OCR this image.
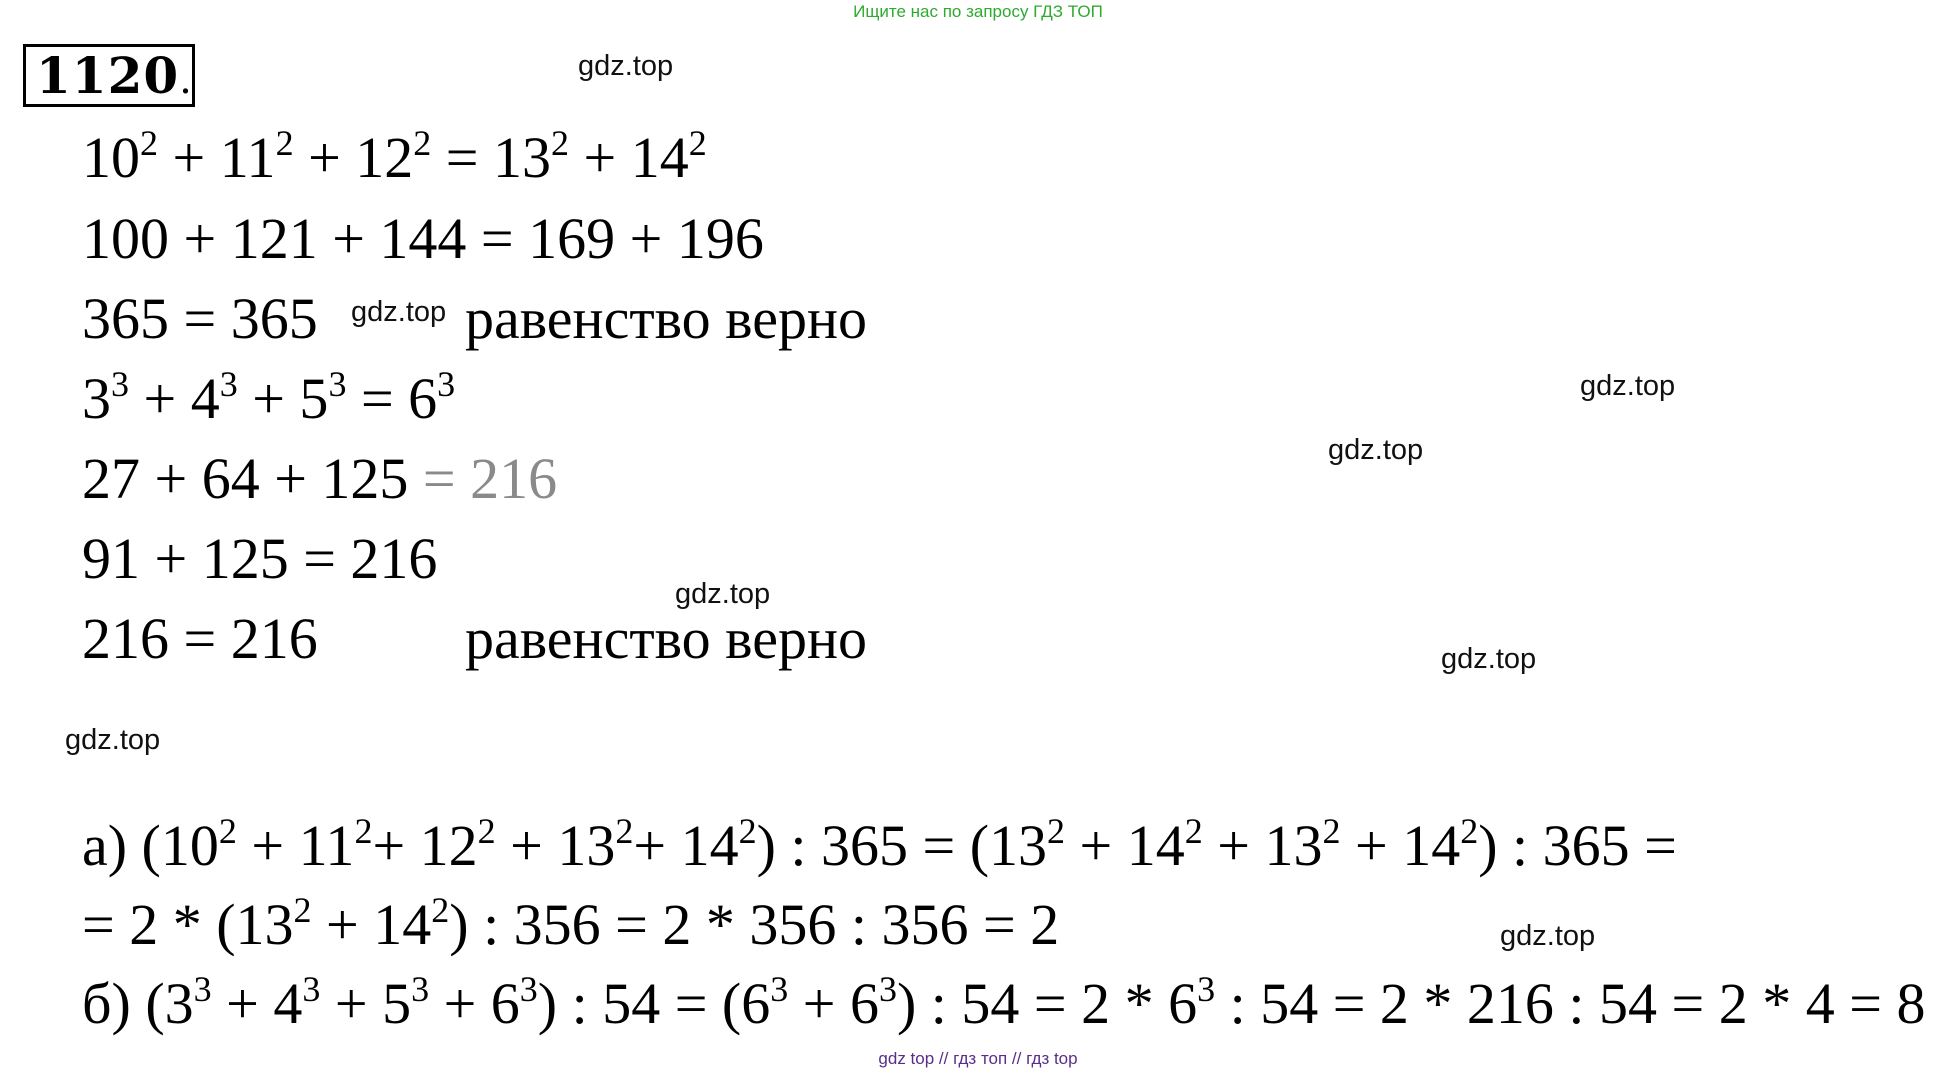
Ищите нас по запросу ГДЗ ТОП
1120.
$10^2 + 11^2 + 12^2 = 13^2 + 14^2$
100 + 121 + 144 = 169 + 196
365 = 365	равенство верно
$3^3 + 4^3 + 5^3 = 6^3$
27 + 64 + 125 = 216
91 + 125 = 216
216 = 216	равенство верно
а) $(10^2 + 11^2+ 12^2 + 13^2+ 14^2)$ : $365 = (13^2 + 14^2 + 13^2 + 14^2)$ : 365 =
= $2 * (13^2 + 14^2)$ : 356 = 2 * 356 : 356 = 2
б) $(3^3 + 4^3 + 5^3 + 6^3)$ : $54 = (6^3 + 6^3)$ : $54 = 2 * 6^3$ : 54 = 2 * 216 : 54 = 2 * 4 = 8
gdz.top
gdz.top
gdz.top
gdz.top
gdz.top
gdz.top
gdz.top
gdz.top
gdz top // гдз топ // гдз top
